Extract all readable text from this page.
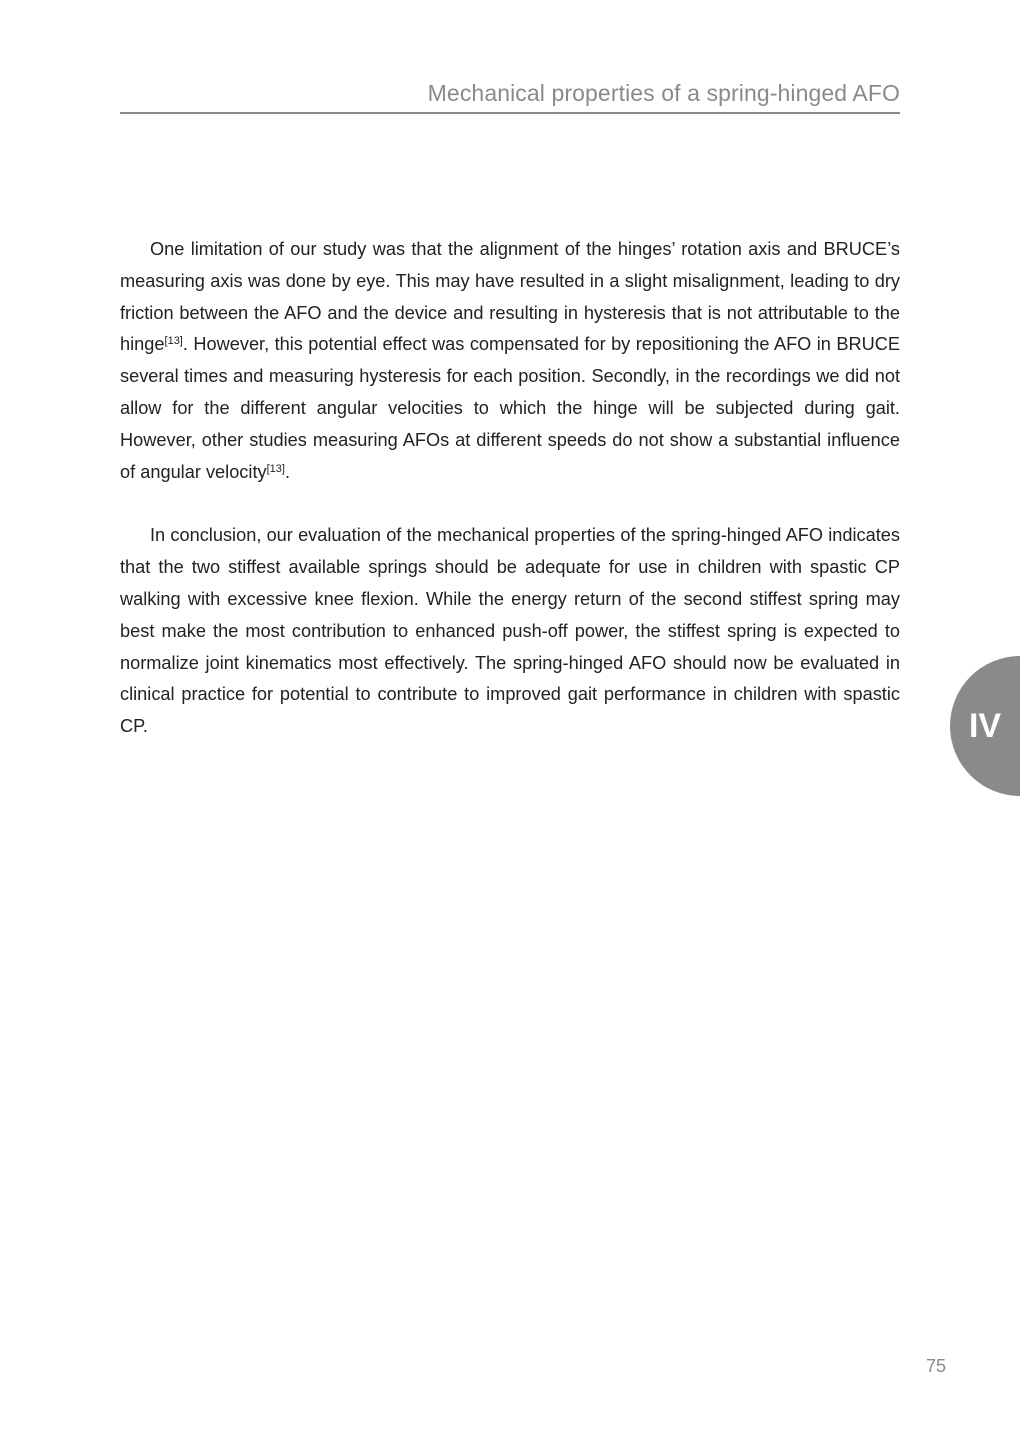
Mechanical properties of a spring-hinged AFO

One limitation of our study was that the alignment of the hinges’ rotation axis and BRUCE’s measuring axis was done by eye. This may have resulted in a slight misalignment, leading to dry friction between the AFO and the device and resulting in hysteresis that is not attributable to the hinge[13]. However, this potential effect was compensated for by repositioning the AFO in BRUCE several times and measuring hysteresis for each position. Secondly, in the recordings we did not allow for the different angular velocities to which the hinge will be subjected during gait. However, other studies measuring AFOs at different speeds do not show a substantial influence of angular velocity[13].

In conclusion, our evaluation of the mechanical properties of the spring-hinged AFO indicates that the two stiffest available springs should be adequate for use in children with spastic CP walking with excessive knee flexion. While the energy return of the second stiffest spring may best make the most contribution to enhanced push-off power, the stiffest spring is expected to normalize joint kinematics most effectively. The spring-hinged AFO should now be evaluated in clinical practice for potential to contribute to improved gait performance in children with spastic CP.	IV
75
